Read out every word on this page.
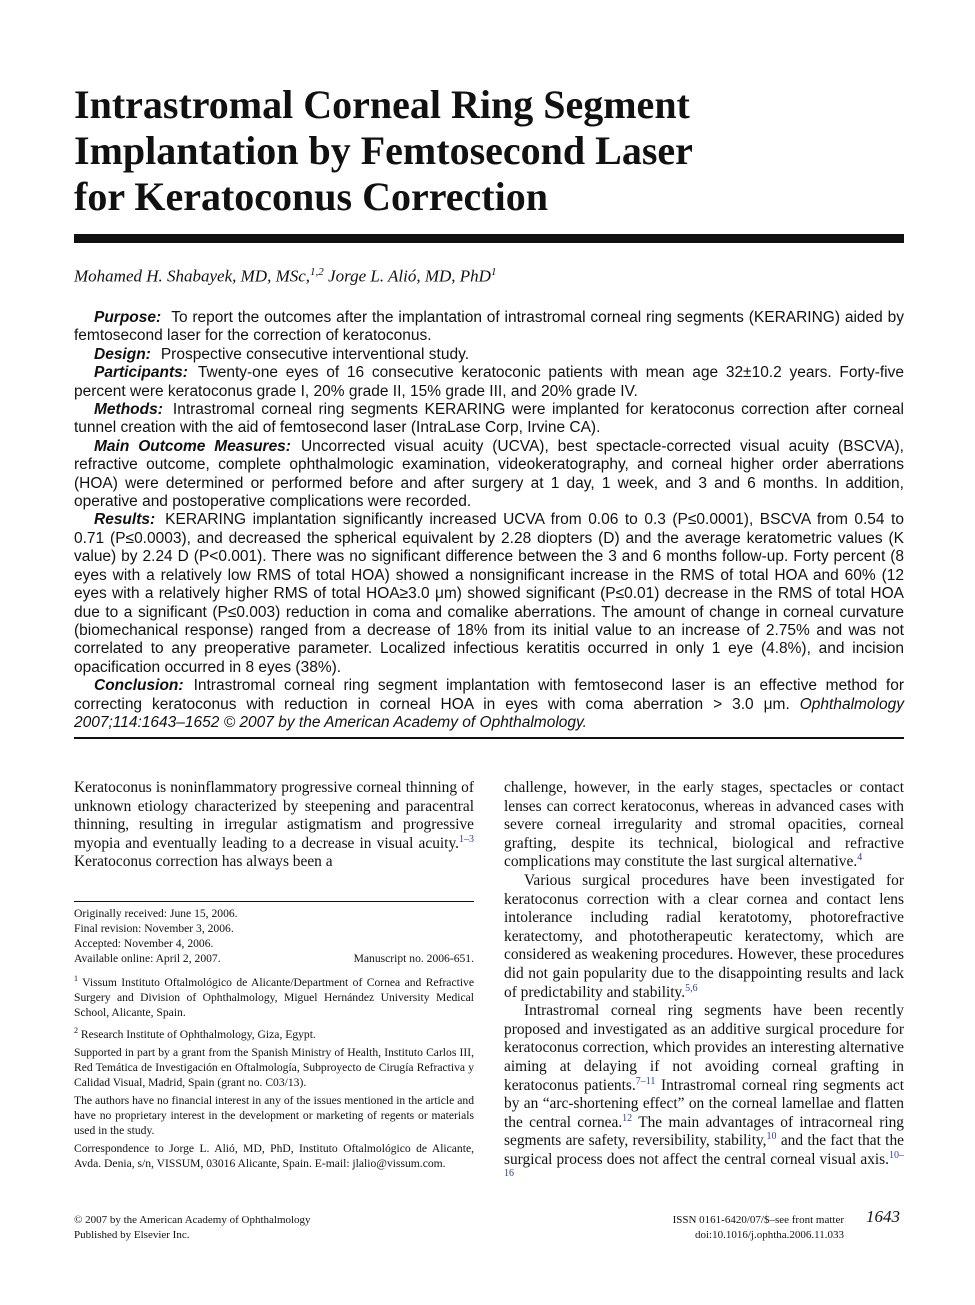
Intrastromal Corneal Ring Segment
Implantation by Femtosecond Laser
for Keratoconus Correction
Mohamed H. Shabayek, MD, MSc,$^{1,2}$ Jorge L. Alió, MD, PhD$^1$

Purpose: To report the outcomes after the implantation of intrastromal corneal ring segments (KERARING) aided by femtosecond laser for the correction of keratoconus.

Design: Prospective consecutive interventional study.

Participants: Twenty-one eyes of 16 consecutive keratoconic patients with mean age 32±10.2 years. Forty-five percent were keratoconus grade I, 20% grade II, 15% grade III, and 20% grade IV.

Methods: Intrastromal corneal ring segments KERARING were implanted for keratoconus correction after corneal tunnel creation with the aid of femtosecond laser (IntraLase Corp, Irvine CA).

Main Outcome Measures: Uncorrected visual acuity (UCVA), best spectacle-corrected visual acuity (BSCVA), refractive outcome, complete ophthalmologic examination, videokeratography, and corneal higher order aberrations (HOA) were determined or performed before and after surgery at 1 day, 1 week, and 3 and 6 months. In addition, operative and postoperative complications were recorded.

Results: KERARING implantation significantly increased UCVA from 0.06 to 0.3 (P≤0.0001), BSCVA from 0.54 to 0.71 (P≤0.0003), and decreased the spherical equivalent by 2.28 diopters (D) and the average keratometric values (K value) by 2.24 D (P<0.001). There was no significant difference between the 3 and 6 months follow-up. Forty percent (8 eyes with a relatively low RMS of total HOA) showed a nonsignificant increase in the RMS of total HOA and 60% (12 eyes with a relatively higher RMS of total HOA≥3.0 μm) showed significant (P≤0.01) decrease in the RMS of total HOA due to a significant (P≤0.003) reduction in coma and comalike aberrations. The amount of change in corneal curvature (biomechanical response) ranged from a decrease of 18% from its initial value to an increase of 2.75% and was not correlated to any preoperative parameter. Localized infectious keratitis occurred in only 1 eye (4.8%), and incision opacification occurred in 8 eyes (38%).

Conclusion: Intrastromal corneal ring segment implantation with femtosecond laser is an effective method for correcting keratoconus with reduction in corneal HOA in eyes with coma aberration > 3.0 μm. Ophthalmology 2007;114:1643–1652 © 2007 by the American Academy of Ophthalmology.

Keratoconus is noninflammatory progressive corneal thinning of unknown etiology characterized by steepening and paracentral thinning, resulting in irregular astigmatism and progressive myopia and eventually leading to a decrease in visual acuity.$^{1-3}$ Keratoconus correction has always been a

Originally received: June 15, 2006.

Final revision: November 3, 2006.

Accepted: November 4, 2006.

Available online: April 2, 2007.	Manuscript no. 2006-651.

$^1$ Vissum Instituto Oftalmológico de Alicante/Department of Cornea and Refractive Surgery and Division of Ophthalmology, Miguel Hernández University Medical School, Alicante, Spain.

$^2$ Research Institute of Ophthalmology, Giza, Egypt.

Supported in part by a grant from the Spanish Ministry of Health, Instituto Carlos III, Red Temática de Investigación en Oftalmología, Subproyecto de Cirugía Refractiva y Calidad Visual, Madrid, Spain (grant no. C03/13).

The authors have no financial interest in any of the issues mentioned in the article and have no proprietary interest in the development or marketing of regents or materials used in the study.

Correspondence to Jorge L. Alió, MD, PhD, Instituto Oftalmológico de Alicante, Avda. Denia, s/n, VISSUM, 03016 Alicante, Spain. E-mail: jlalio@vissum.com.

challenge, however, in the early stages, spectacles or contact lenses can correct keratoconus, whereas in advanced cases with severe corneal irregularity and stromal opacities, corneal grafting, despite its technical, biological and refractive complications may constitute the last surgical alternative.$^4$

Various surgical procedures have been investigated for keratoconus correction with a clear cornea and contact lens intolerance including radial keratotomy, photorefractive keratectomy, and phototherapeutic keratectomy, which are considered as weakening procedures. However, these procedures did not gain popularity due to the disappointing results and lack of predictability and stability.$^{5,6}$

Intrastromal corneal ring segments have been recently proposed and investigated as an additive surgical procedure for keratoconus correction, which provides an interesting alternative aiming at delaying if not avoiding corneal grafting in keratoconus patients.$^{7-11}$ Intrastromal corneal ring segments act by an “arc-shortening effect” on the corneal lamellae and flatten the central cornea.$^{12}$ The main advantages of intracorneal ring segments are safety, reversibility, stability,$^{10}$ and the fact that the surgical process does not affect the central corneal visual axis.$^{10-16}$

© 2007 by the American Academy of Ophthalmology
Published by Elsevier Inc.
ISSN 0161-6420/07/$–see front matter
doi:10.1016/j.ophtha.2006.11.033
1643
